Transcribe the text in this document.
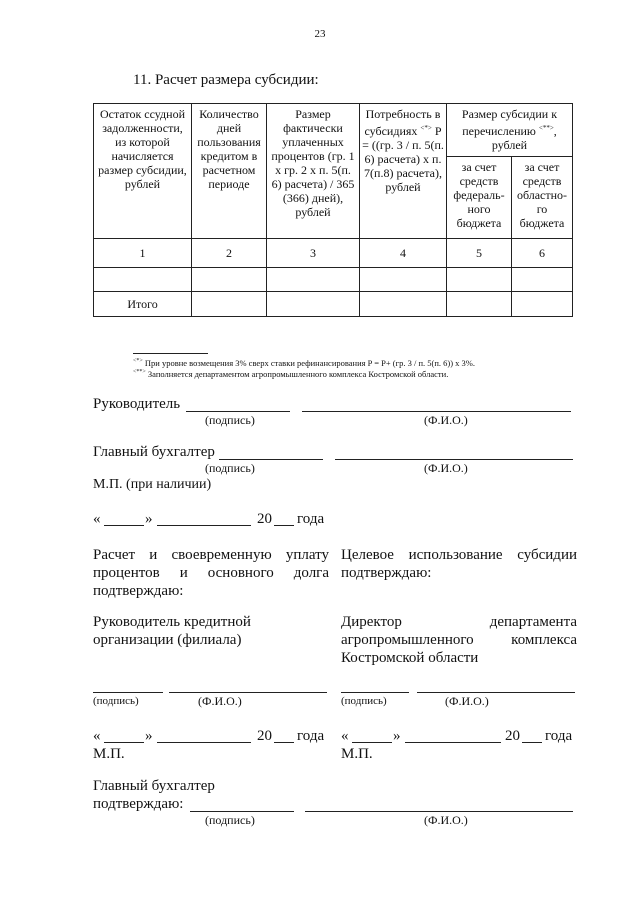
23
11. Расчет размера субсидии:
Остаток ссудной задолженности, из которой начисляется размер субсидии, рублей	Количество дней пользования кредитом в расчетном периоде	Размер фактически уплаченных процентов (гр. 1 х гр. 2 х п. 5(п. 6) расчета) / 365 (366) дней), рублей	Потребность в субсидиях <*> P = ((гр. 3 / п. 5(п. 6) расчета) х п. 7(п.8) расчета), рублей	Размер субсидии к перечислению <**>, рублей	
				за счет средств федераль-ного бюджета	за счет средств областно-го бюджета
1	2	3	4	5	6

Итого					
<*> При уровне возмещения 3% сверх ставки рефинансирования P = P+ (гр. 3 / п. 5(п. 6)) х 3%.
<**> Заполняется департаментом агропромышленного комплекса Костромской области.
Руководитель
(подпись)	(Ф.И.О.)
Главный бухгалтер
(подпись)	(Ф.И.О.)
М.П. (при наличии)
«	»	20 года
Расчет и своевременную уплату процентов и основного долга подтверждаю:
Целевое использование субсидии подтверждаю:
Руководитель кредитной
организации (филиала)
Директор департамента
агропромышленного комплекса
Костромской области
(подпись)	(Ф.И.О.)	(подпись)	(Ф.И.О.)
«	»	20 года
М.П.
«	»	20 года
М.П.
Главный бухгалтер
подтверждаю:
(подпись)	(Ф.И.О.)
